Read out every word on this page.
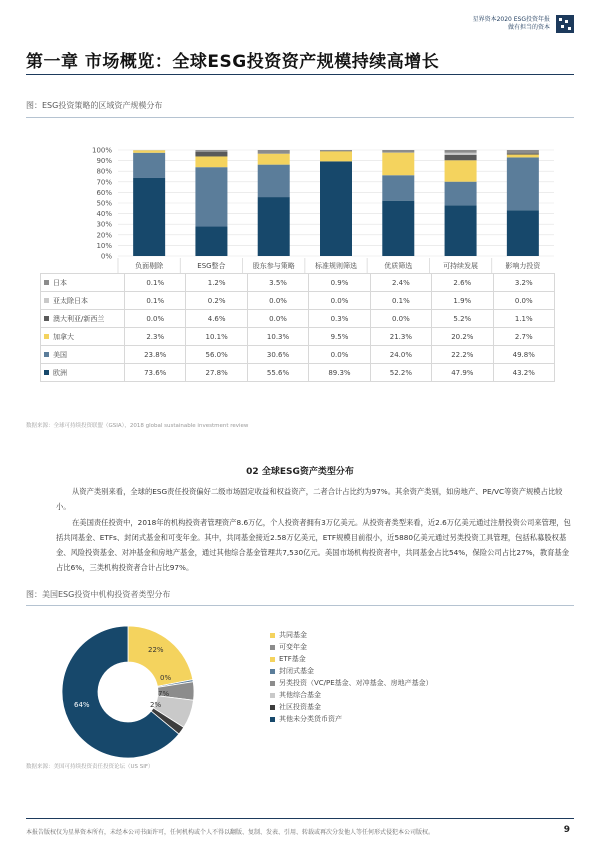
星界资本2020 ESG投资年报
做有担当的资本
第一章 市场概览：全球ESG投资资产规模持续高增长
图：ESG投资策略的区域资产规模分布
100%
90%
80%
70%
60%
50%
40%
30%
20%
10%
0%
负面剔除	ESG整合	股东参与策略	标准规则筛选	优质筛选	可持续发展	影响力投资
日本	0.1%	1.2%	3.5%	0.9%	2.4%	2.6%	3.2%
亚太除日本	0.1%	0.2%	0.0%	0.0%	0.1%	1.9%	0.0%
澳大利亚/新西兰	0.0%	4.6%	0.0%	0.3%	0.0%	5.2%	1.1%
加拿大	2.3%	10.1%	10.3%	9.5%	21.3%	20.2%	2.7%
美国	23.8%	56.0%	30.6%	0.0%	24.0%	22.2%	49.8%
欧洲	73.6%	27.8%	55.6%	89.3%	52.2%	47.9%	43.2%
数据来源：全球可持续投资联盟（GSIA），2018 global sustainable investment review
02 全球ESG资产类型分布

从资产类别来看，全球的ESG责任投资偏好二级市场固定收益和权益资产，二者合计占比约为97%。其余资产类别，如房地产、PE/VC等资产规模占比较小。

在美国责任投资中，2018年的机构投资者管理资产8.6万亿，个人投资者拥有3万亿美元。从投资者类型来看，近2.6万亿美元通过注册投资公司来管理，包括共同基金、ETFs、封闭式基金和可变年金。其中，共同基金接近2.58万亿美元，ETF规模目前很小，近5880亿美元通过另类投资工具管理，包括私募股权基金、风险投资基金、对冲基金和房地产基金，通过其他综合基金管理共7,530亿元。美国市场机构投资者中，共同基金占比54%，保险公司占比27%，教育基金占比6%，三类机构投资者合计占比97%。

图：美国ESG投资中机构投资者类型分布
64%
22%
0%
7%
2%
共同基金
可变年金
ETF基金
封闭式基金
另类投资（VC/PE基金、对冲基金、房地产基金）
其他综合基金
社区投资基金
其他未分类货币资产
数据来源：美国可持续投资责任投资论坛（US SIF）
本报告版权仅为星界资本所有，未经本公司书面许可，任何机构或个人不得以翻版、复制、发表、引用、转载或再次分发他人等任何形式侵犯本公司版权。	9
